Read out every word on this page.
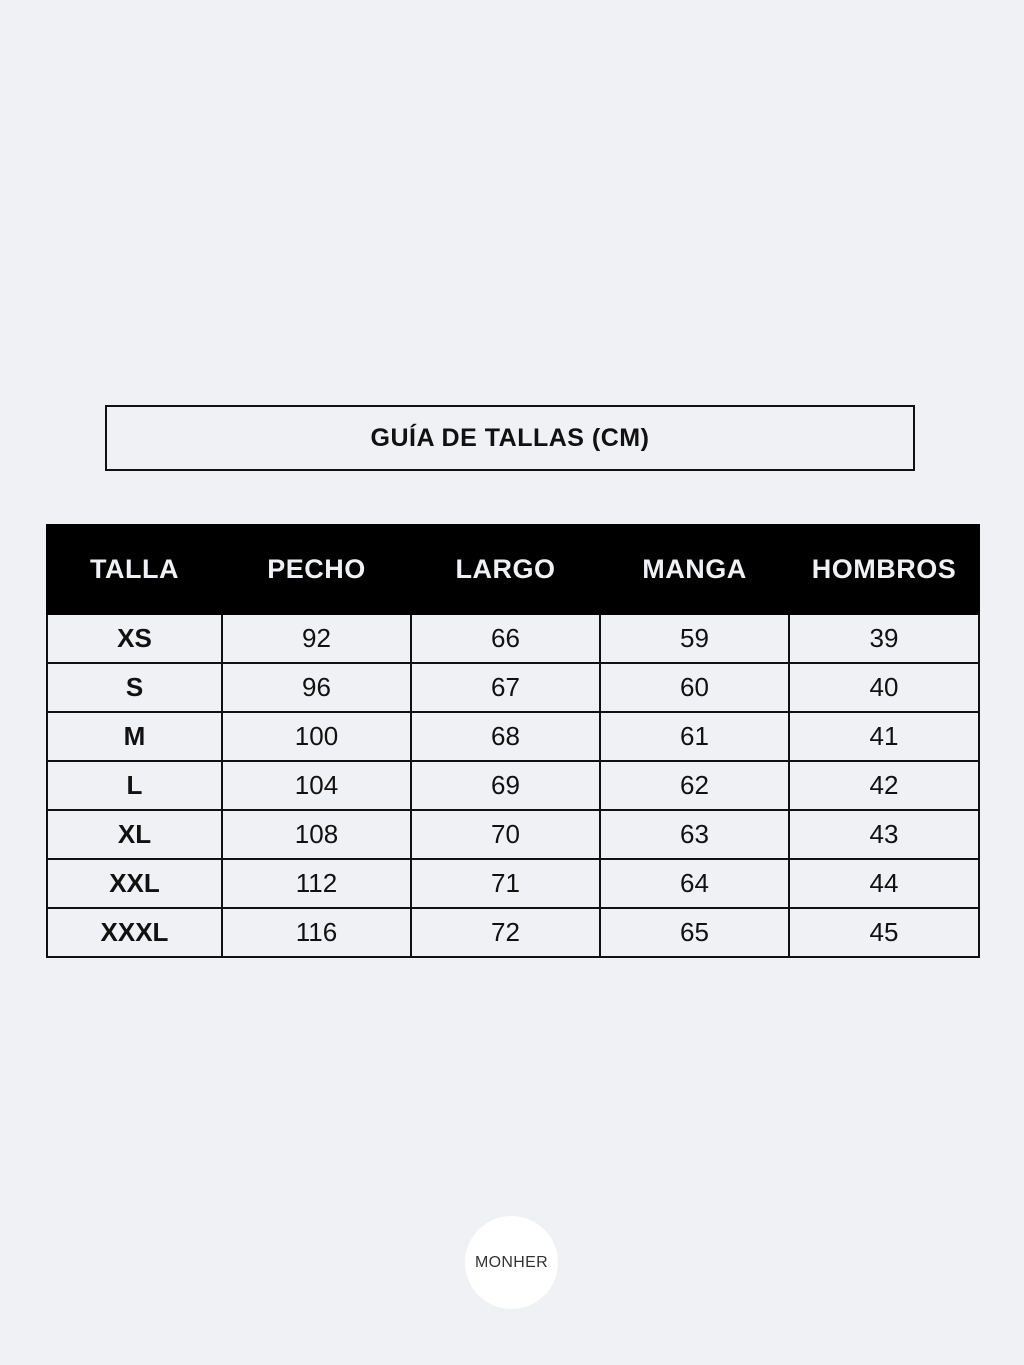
GUÍA DE TALLAS (CM)
TALLA	PECHO	LARGO	MANGA	HOMBROS
XS	92	66	59	39
S	96	67	60	40
M	100	68	61	41
L	104	69	62	42
XL	108	70	63	43
XXL	112	71	64	44
XXXL	116	72	65	45
MONHER
